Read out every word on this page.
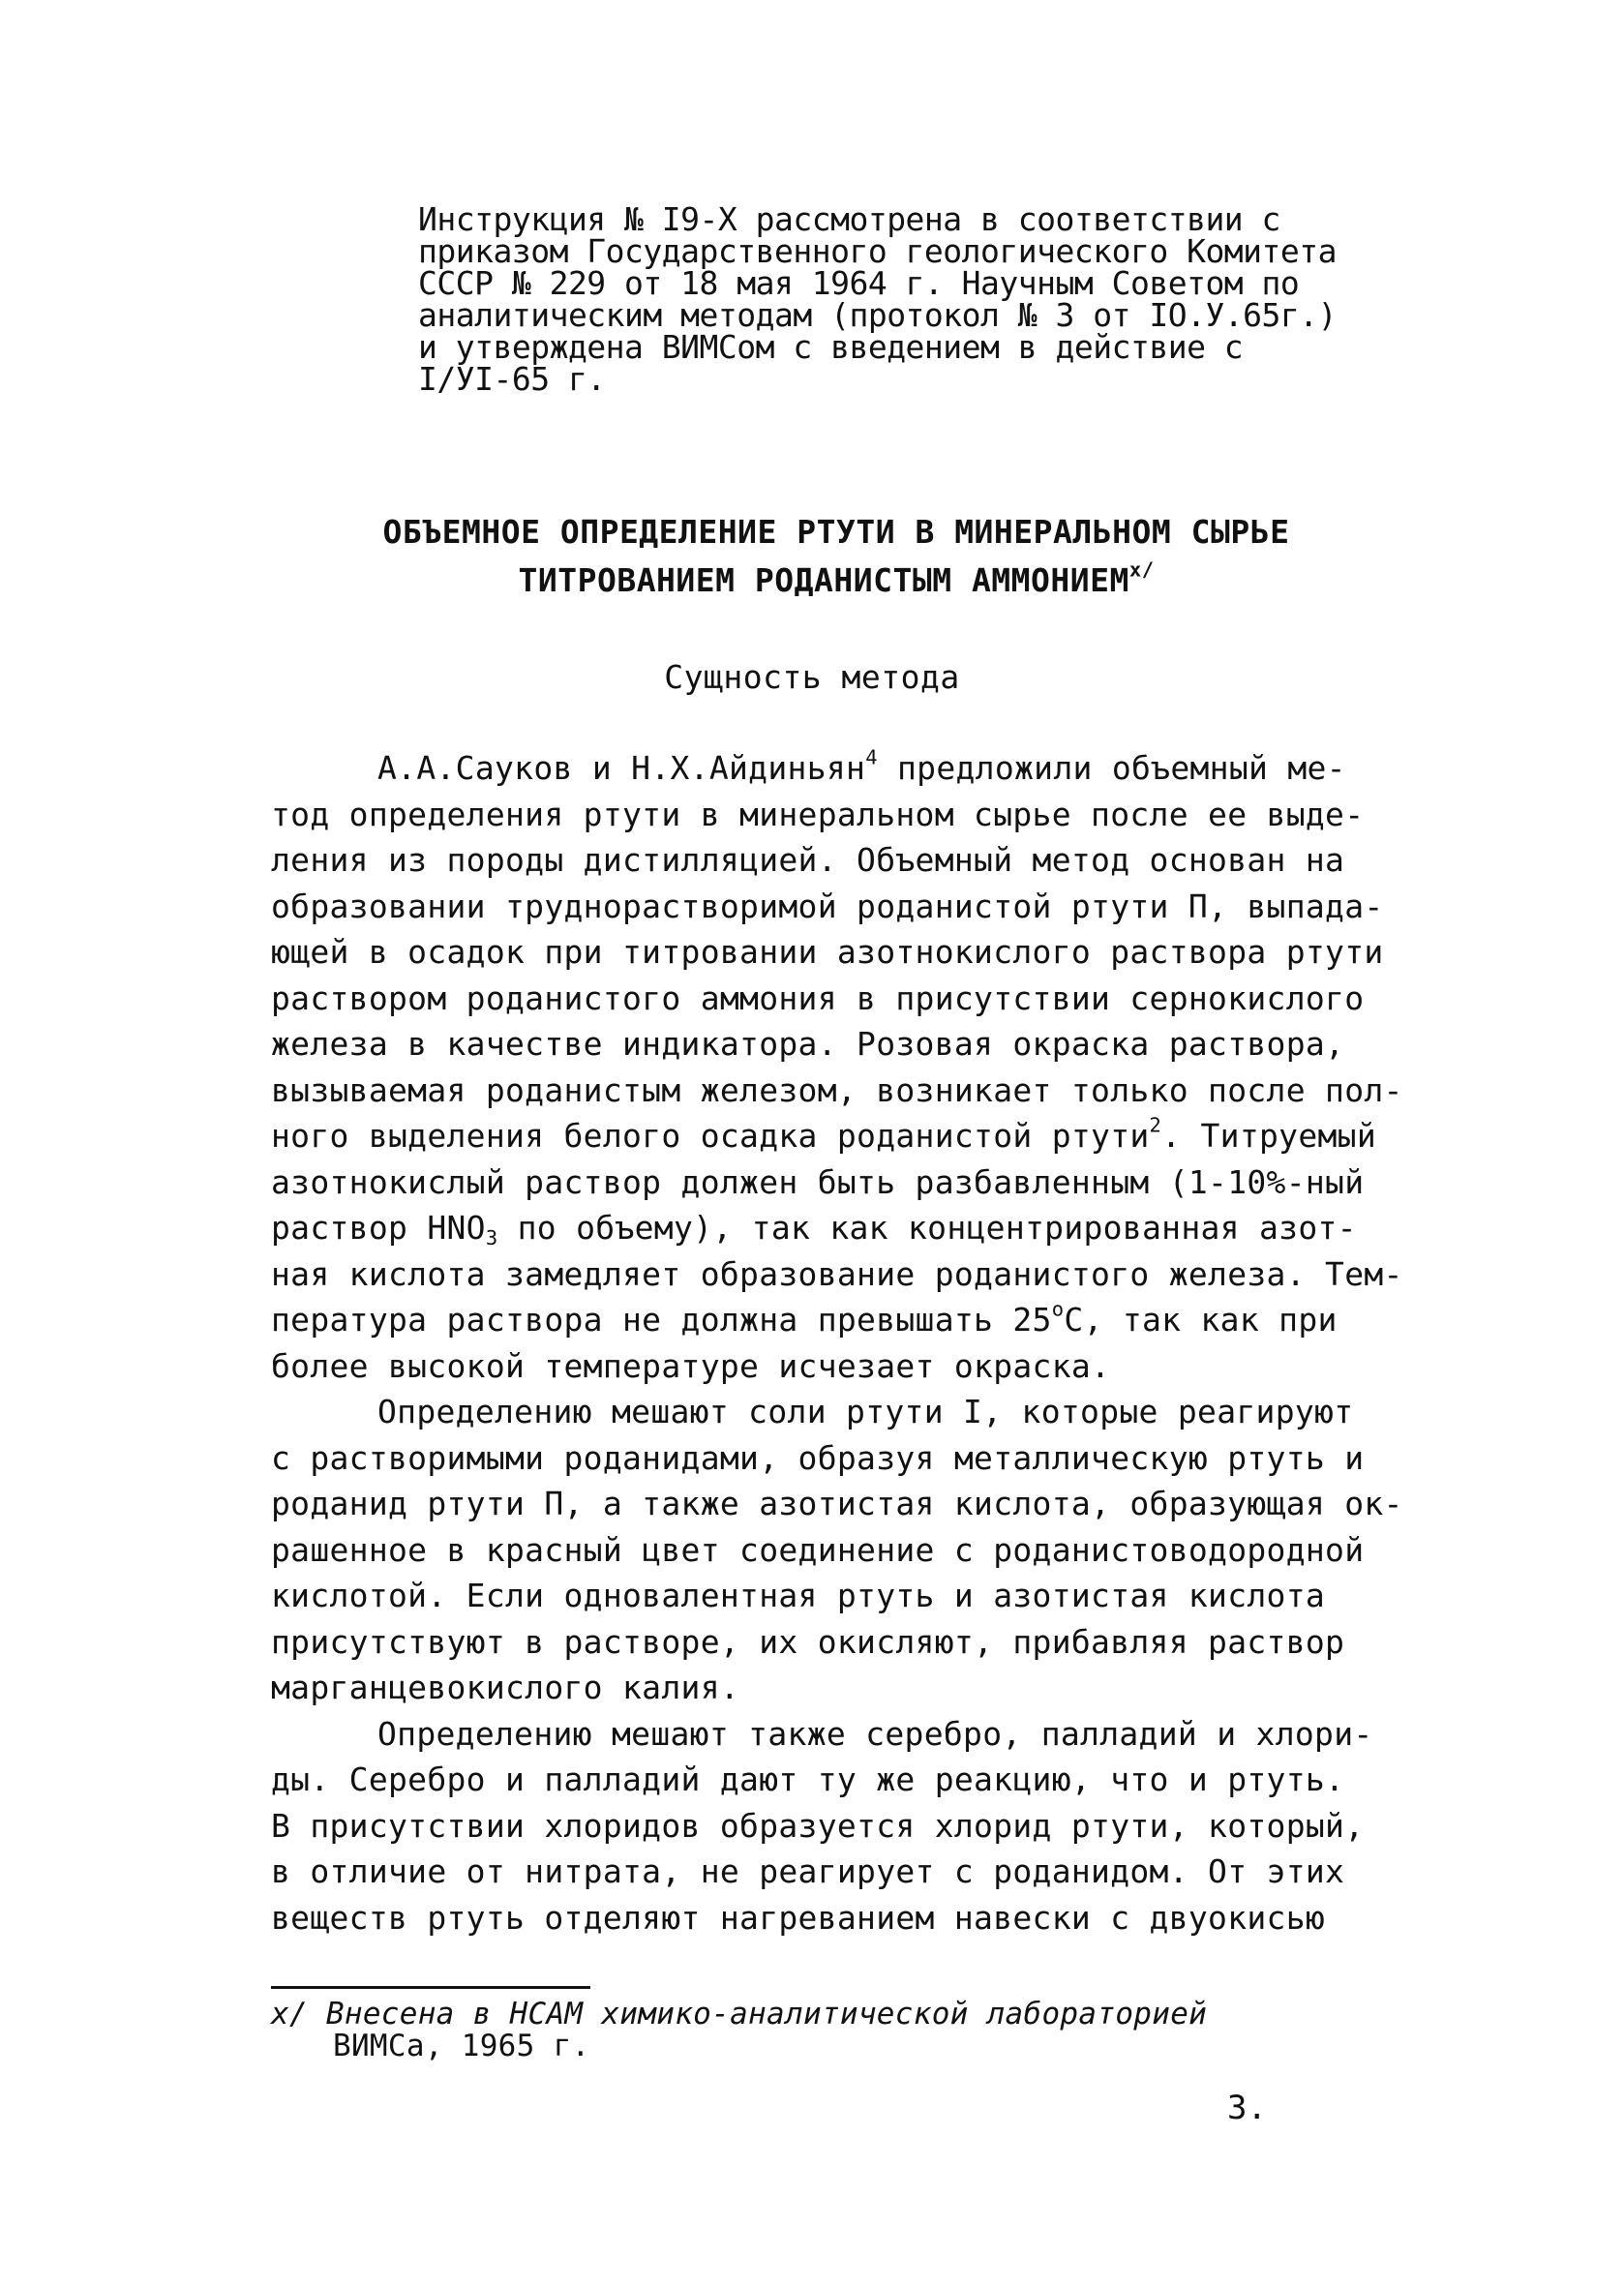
Инструкция № I9-Х рассмотрена в соответствии с
приказом Государственного геологического Комитета
СССР № 229 от 18 мая 1964 г. Научным Советом по
аналитическим методам (протокол № 3 от IO.У.65г.)
и утверждена ВИМСом с введением в действие с
I/УI-65 г.
ОБЪЕМНОЕ ОПРЕДЕЛЕНИЕ РТУТИ В МИНЕРАЛЬНОМ СЫРЬЕ
ТИТРОВАНИЕМ РОДАНИСТЫМ $АММОНИЕМ^{х/}$
Сущность метода
А.А.Сауков и Н.Х.Айдиньян$^4$ предложили объемный ме-
тод определения ртути в минеральном сырье после ее выде-
ления из породы дистилляцией. Объемный метод основан на
образовании труднорастворимой роданистой ртути П, выпада-
ющей в осадок при титровании азотнокислого раствора ртути
раствором роданистого аммония в присутствии сернокислого
железа в качестве индикатора. Розовая окраска раствора,
вызываемая роданистым железом, возникает только после пол-
ного выделения белого осадка роданистой ртути$^2$. Титруемый
азотнокислый раствор должен быть разбавленным (1-10%-ный
раствор $HNO_3$ по объему), так как концентрированная азот-
ная кислота замедляет образование роданистого железа. Тем-
пература раствора не должна превышать $25^оС$, так как при
более высокой температуре исчезает окраска.
Определению мешают соли ртути I, которые реагируют
с растворимыми роданидами, образуя металлическую ртуть и
роданид ртути П, а также азотистая кислота, образующая ок-
рашенное в красный цвет соединение с роданистоводородной
кислотой. Если одновалентная ртуть и азотистая кислота
присутствуют в растворе, их окисляют, прибавляя раствор
марганцевокислого калия.
Определению мешают также серебро, палладий и хлори-
ды. Серебро и палладий дают ту же реакцию, что и ртуть.
В присутствии хлоридов образуется хлорид ртути, который,
в отличие от нитрата, не реагирует с роданидом. От этих
веществ ртуть отделяют нагреванием навески с двуокисью
х/ Внесена в НСАМ химико-аналитической лабораторией
ВИМСа, 1965 г.
3.
